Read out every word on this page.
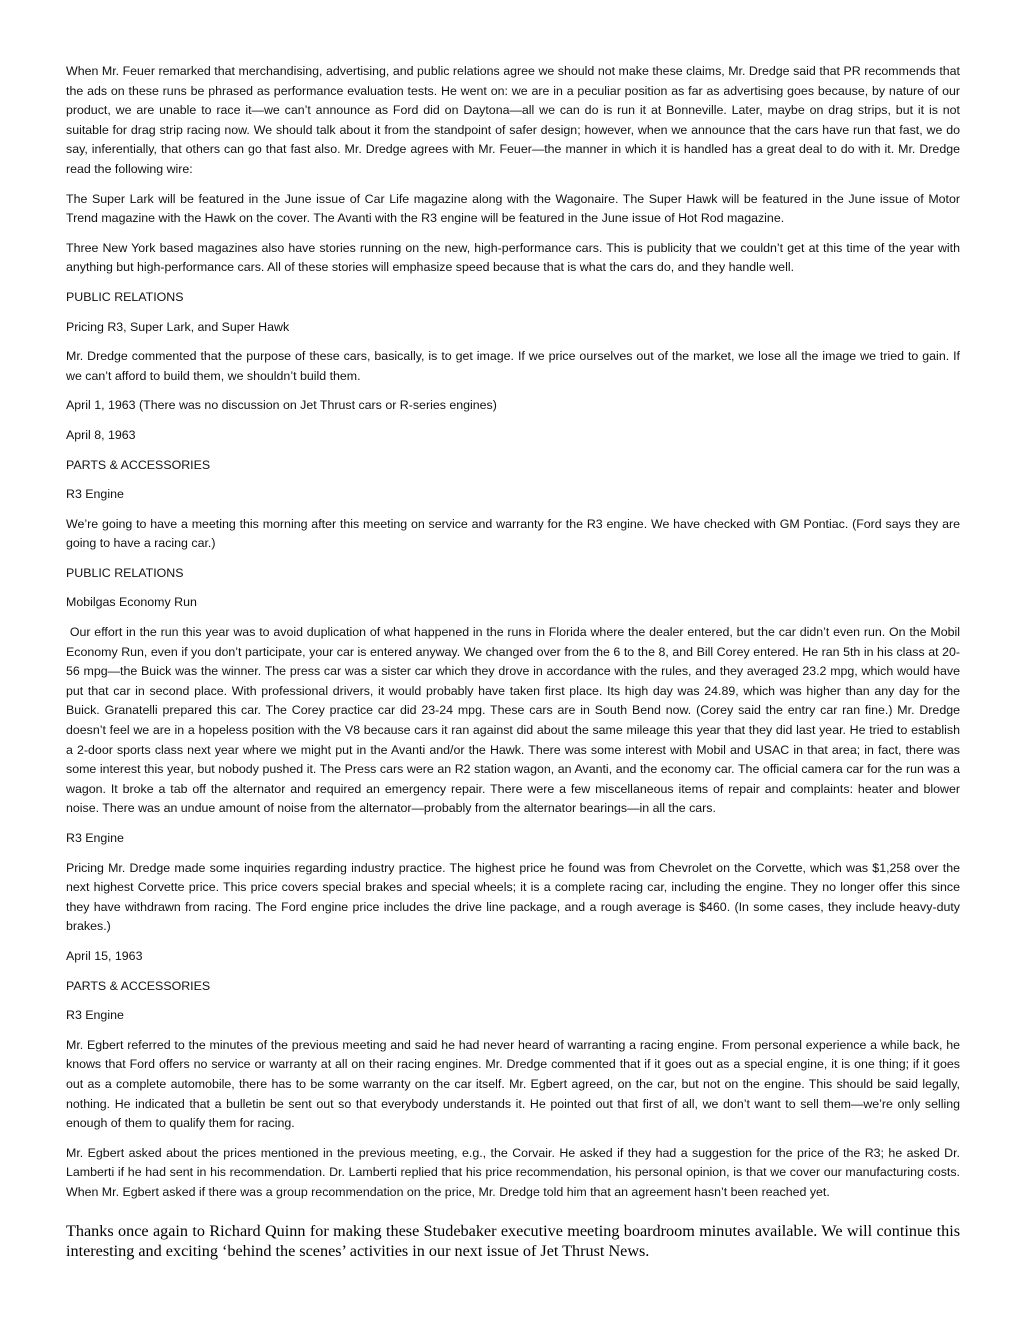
When Mr. Feuer remarked that merchandising, advertising, and public relations agree we should not make these claims, Mr. Dredge said that PR recommends that the ads on these runs be phrased as performance evaluation tests. He went on: we are in a peculiar position as far as advertising goes because, by nature of our product, we are unable to race it—we can’t announce as Ford did on Daytona—all we can do is run it at Bonneville. Later, maybe on drag strips, but it is not suitable for drag strip racing now. We should talk about it from the standpoint of safer design; however, when we announce that the cars have run that fast, we do say, inferentially, that others can go that fast also. Mr. Dredge agrees with Mr. Feuer—the manner in which it is handled has a great deal to do with it. Mr. Dredge read the following wire:

The Super Lark will be featured in the June issue of Car Life magazine along with the Wagonaire. The Super Hawk will be featured in the June issue of Motor Trend magazine with the Hawk on the cover. The Avanti with the R3 engine will be featured in the June issue of Hot Rod magazine.

Three New York based magazines also have stories running on the new, high-performance cars. This is publicity that we couldn’t get at this time of the year with anything but high-performance cars. All of these stories will emphasize speed because that is what the cars do, and they handle well.

PUBLIC RELATIONS

Pricing R3, Super Lark, and Super Hawk

Mr. Dredge commented that the purpose of these cars, basically, is to get image. If we price ourselves out of the market, we lose all the image we tried to gain. If we can’t afford to build them, we shouldn’t build them.

April 1, 1963 (There was no discussion on Jet Thrust cars or R-series engines)

April 8, 1963

PARTS & ACCESSORIES

R3 Engine

We’re going to have a meeting this morning after this meeting on service and warranty for the R3 engine. We have checked with GM Pontiac. (Ford says they are going to have a racing car.)

PUBLIC RELATIONS

Mobilgas Economy Run

Our effort in the run this year was to avoid duplication of what happened in the runs in Florida where the dealer entered, but the car didn’t even run. On the Mobil Economy Run, even if you don’t participate, your car is entered anyway. We changed over from the 6 to the 8, and Bill Corey entered. He ran 5th in his class at 20-56 mpg—the Buick was the winner. The press car was a sister car which they drove in accordance with the rules, and they averaged 23.2 mpg, which would have put that car in second place. With professional drivers, it would probably have taken first place. Its high day was 24.89, which was higher than any day for the Buick. Granatelli prepared this car. The Corey practice car did 23-24 mpg. These cars are in South Bend now. (Corey said the entry car ran fine.) Mr. Dredge doesn’t feel we are in a hopeless position with the V8 because cars it ran against did about the same mileage this year that they did last year. He tried to establish a 2-door sports class next year where we might put in the Avanti and/or the Hawk. There was some interest with Mobil and USAC in that area; in fact, there was some interest this year, but nobody pushed it. The Press cars were an R2 station wagon, an Avanti, and the economy car. The official camera car for the run was a wagon. It broke a tab off the alternator and required an emergency repair. There were a few miscellaneous items of repair and complaints: heater and blower noise. There was an undue amount of noise from the alternator—probably from the alternator bearings—in all the cars.

R3 Engine

Pricing Mr. Dredge made some inquiries regarding industry practice. The highest price he found was from Chevrolet on the Corvette, which was $1,258 over the next highest Corvette price. This price covers special brakes and special wheels; it is a complete racing car, including the engine. They no longer offer this since they have withdrawn from racing. The Ford engine price includes the drive line package, and a rough average is $460. (In some cases, they include heavy-duty brakes.)

April 15, 1963

PARTS & ACCESSORIES

R3 Engine

Mr. Egbert referred to the minutes of the previous meeting and said he had never heard of warranting a racing engine. From personal experience a while back, he knows that Ford offers no service or warranty at all on their racing engines. Mr. Dredge commented that if it goes out as a special engine, it is one thing; if it goes out as a complete automobile, there has to be some warranty on the car itself. Mr. Egbert agreed, on the car, but not on the engine. This should be said legally, nothing. He indicated that a bulletin be sent out so that everybody understands it. He pointed out that first of all, we don’t want to sell them—we’re only selling enough of them to qualify them for racing.

Mr. Egbert asked about the prices mentioned in the previous meeting, e.g., the Corvair. He asked if they had a suggestion for the price of the R3; he asked Dr. Lamberti if he had sent in his recommendation. Dr. Lamberti replied that his price recommendation, his personal opinion, is that we cover our manufacturing costs. When Mr. Egbert asked if there was a group recommendation on the price, Mr. Dredge told him that an agreement hasn’t been reached yet.

Thanks once again to Richard Quinn for making these Studebaker executive meeting boardroom minutes available. We will continue this interesting and exciting ‘behind the scenes’ activities in our next issue of Jet Thrust News.
